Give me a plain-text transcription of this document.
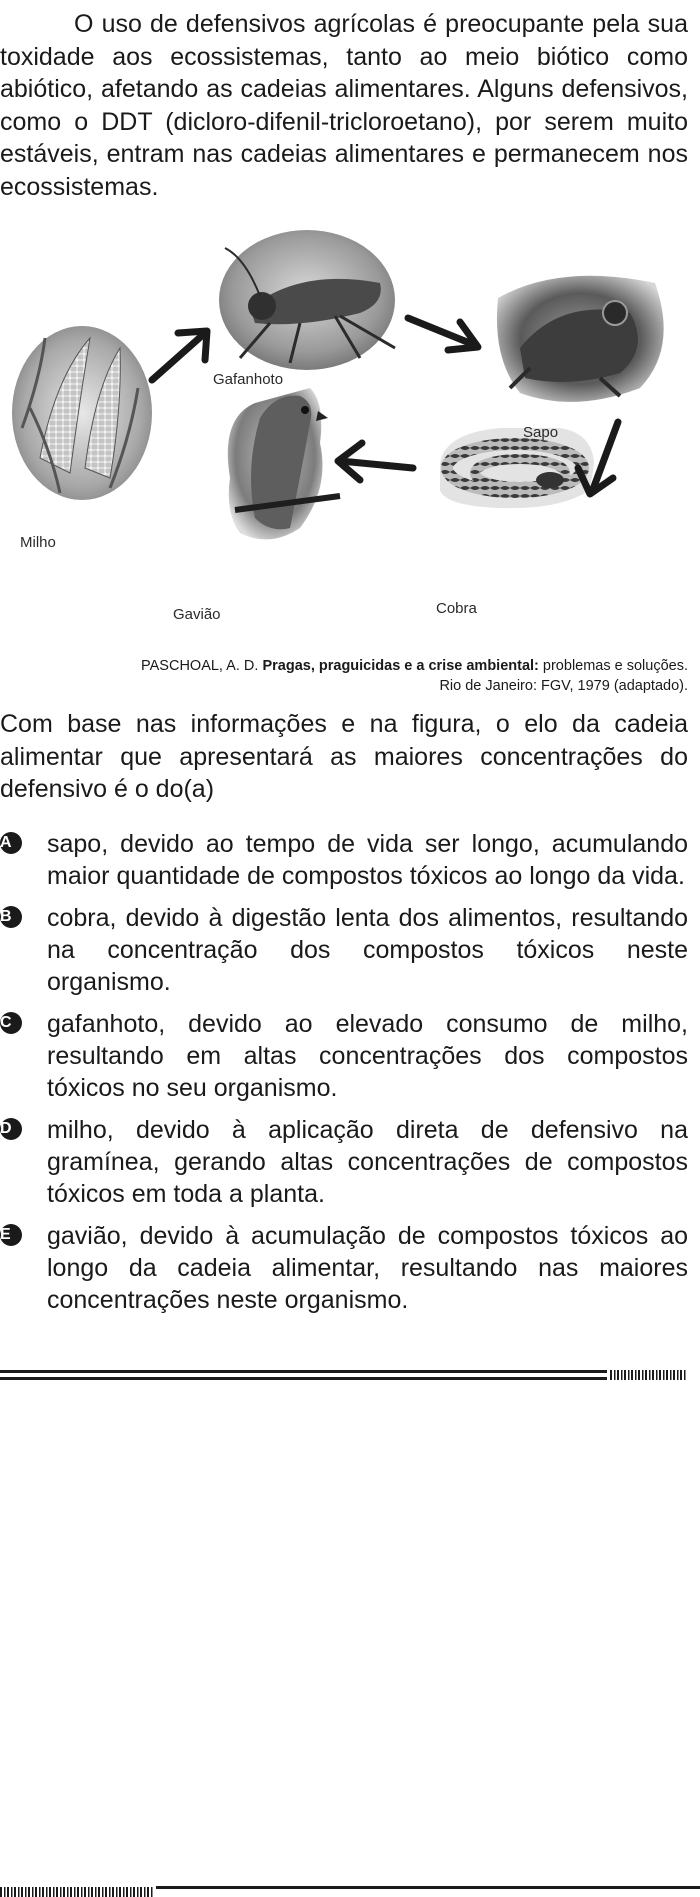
O uso de defensivos agrícolas é preocupante pela sua toxidade aos ecossistemas, tanto ao meio biótico como abiótico, afetando as cadeias alimentares. Alguns defensivos, como o DDT (dicloro-difenil-tricloroetano), por serem muito estáveis, entram nas cadeias alimentares e permanecem nos ecossistemas.

Milho
Gafanhoto
Sapo
Cobra
Gavião
PASCHOAL, A. D. Pragas, praguicidas e a crise ambiental: problemas e soluções.
Rio de Janeiro: FGV, 1979 (adaptado).

Com base nas informações e na figura, o elo da cadeia alimentar que apresentará as maiores concentrações do defensivo é o do(a)

A	sapo, devido ao tempo de vida ser longo, acumulando maior quantidade de compostos tóxicos ao longo da vida.
B	cobra, devido à digestão lenta dos alimentos, resultando na concentração dos compostos tóxicos neste organismo.
C	gafanhoto, devido ao elevado consumo de milho, resultando em altas concentrações dos compostos tóxicos no seu organismo.
D	milho, devido à aplicação direta de defensivo na gramínea, gerando altas concentrações de compostos tóxicos em toda a planta.
E	gavião, devido à acumulação de compostos tóxicos ao longo da cadeia alimentar, resultando nas maiores concentrações neste organismo.
